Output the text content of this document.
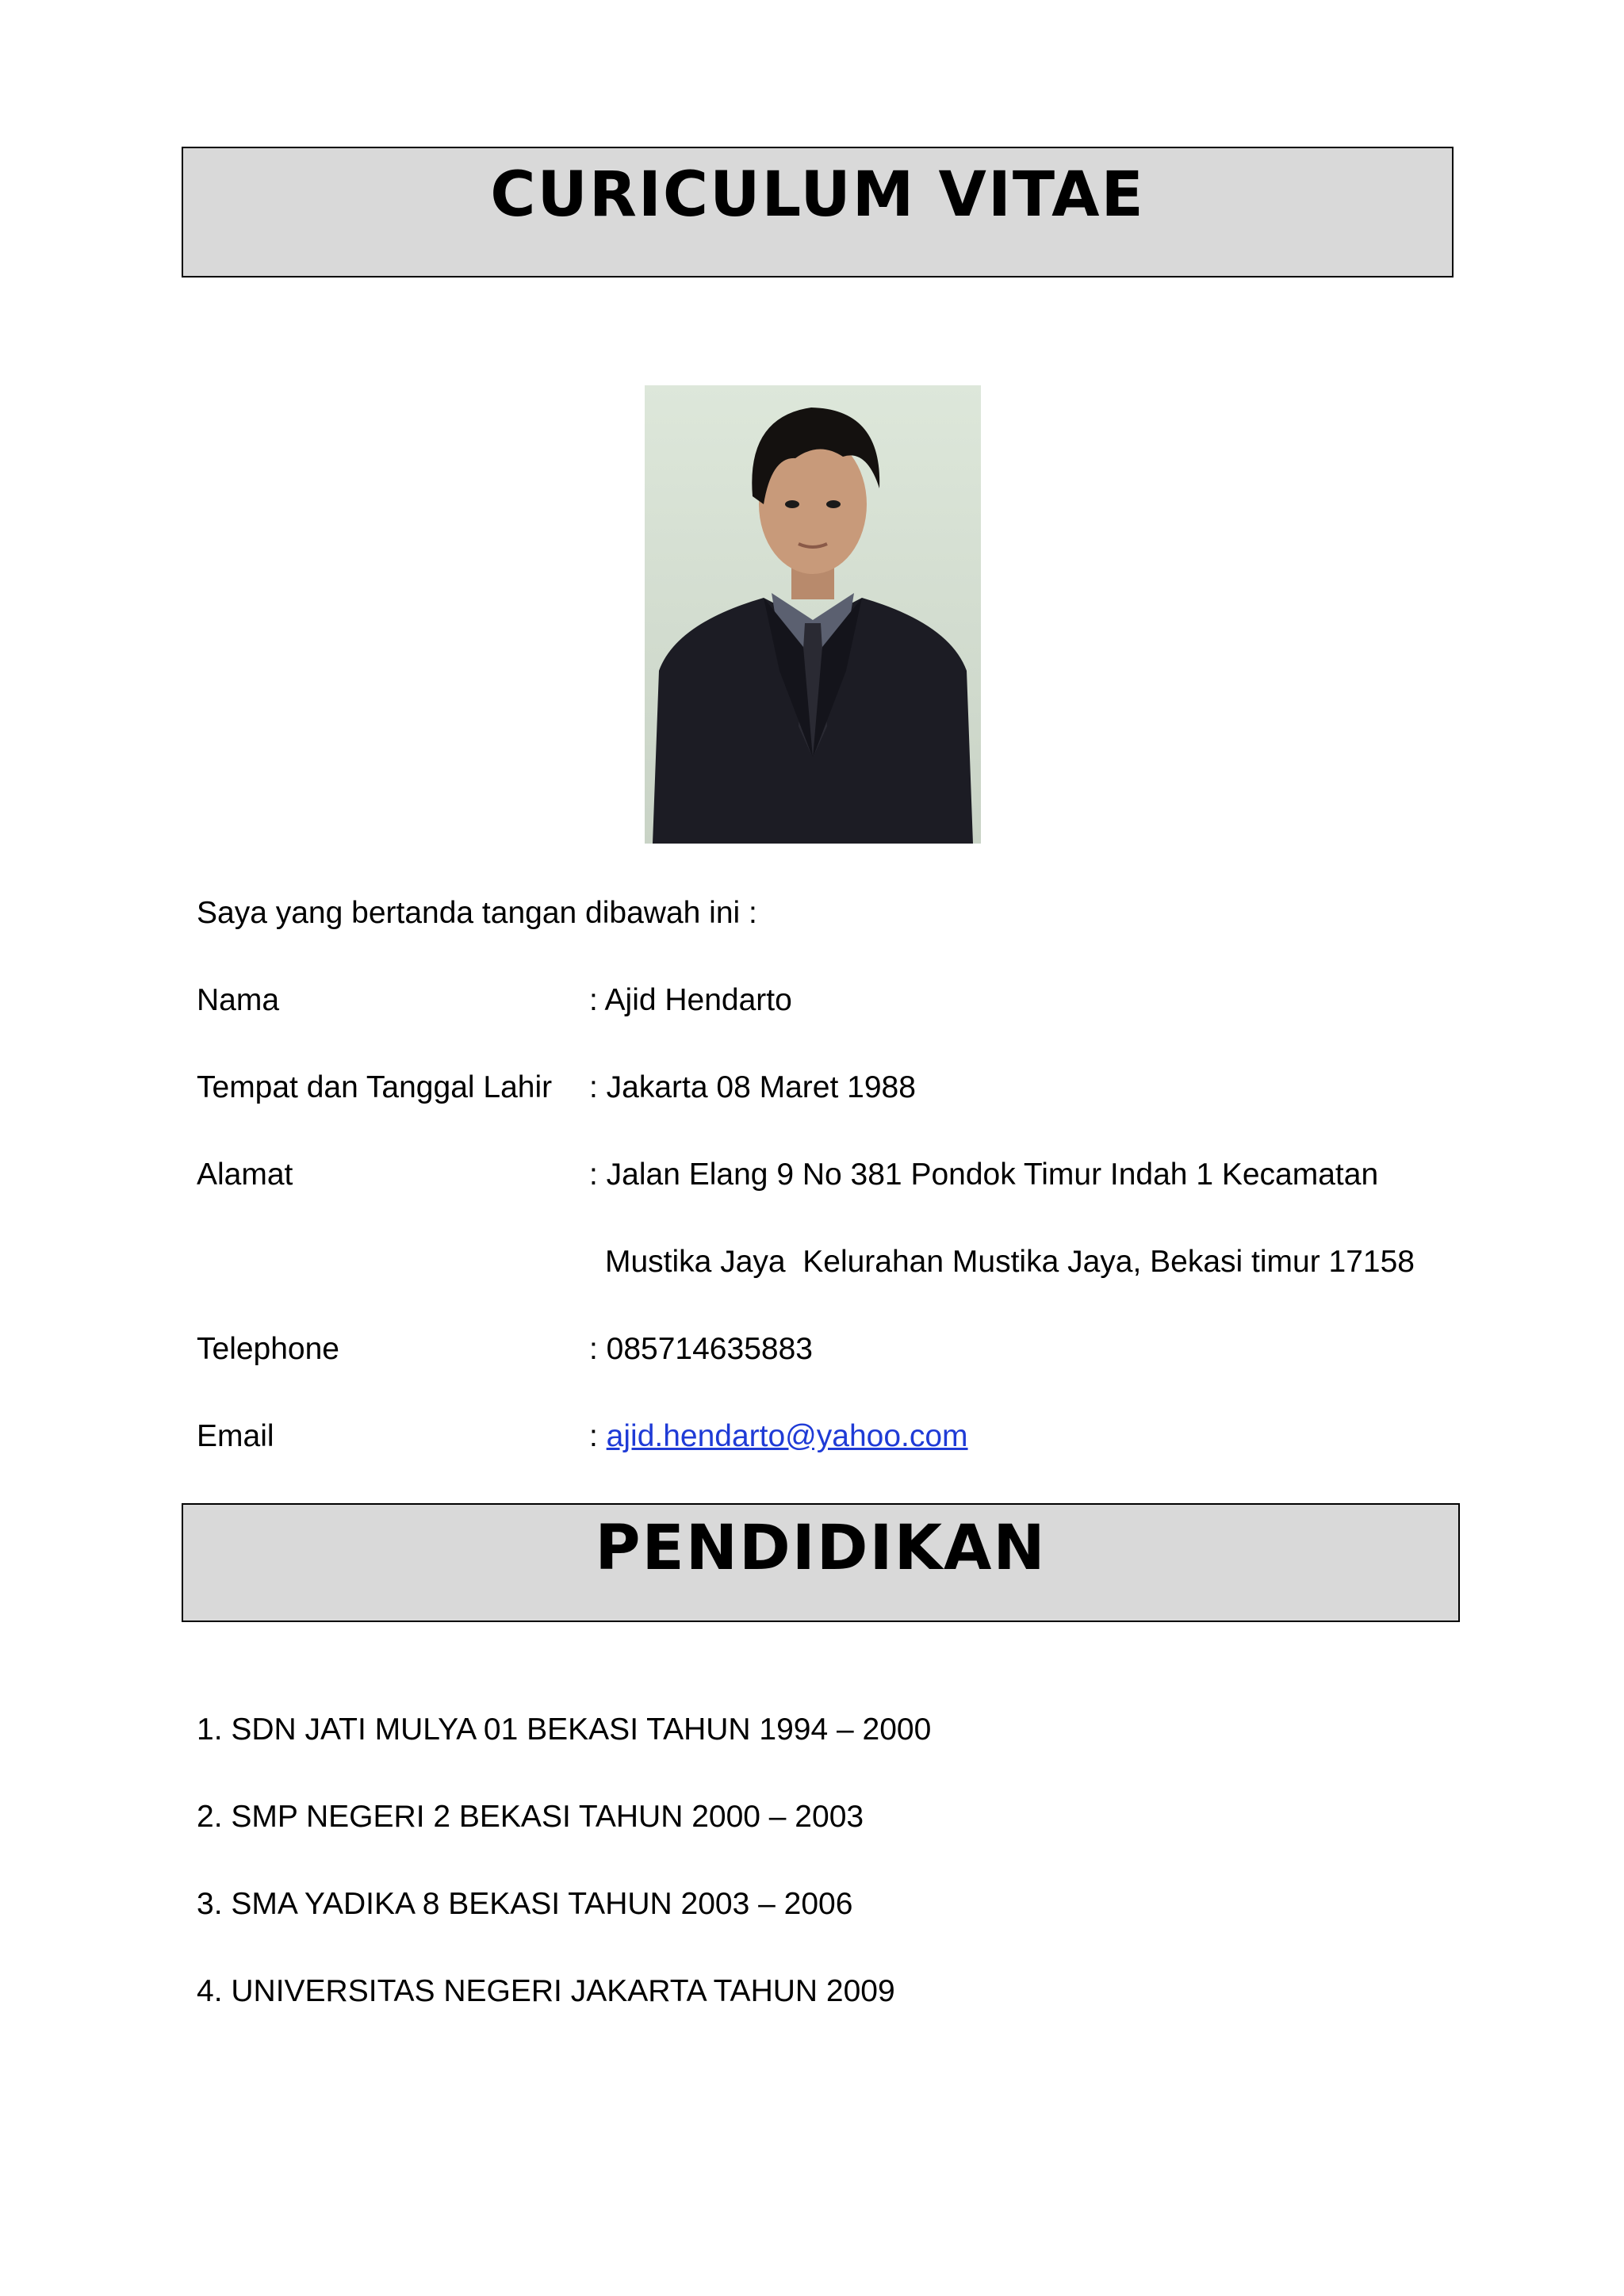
CURICULUM VITAE
Saya yang bertanda tangan dibawah ini :
Nama	: Ajid Hendarto
Tempat dan Tanggal Lahir : Jakarta 08 Maret 1988
Alamat	: Jalan Elang 9 No 381 Pondok Timur Indah 1 Kecamatan
Mustika Jaya  Kelurahan Mustika Jaya, Bekasi timur 17158
Telephone	: 085714635883
Email	: ajid.hendarto@yahoo.com
PENDIDIKAN
1. SDN JATI MULYA 01 BEKASI TAHUN 1994 – 2000
2. SMP NEGERI 2 BEKASI TAHUN 2000 – 2003
3. SMA YADIKA 8 BEKASI TAHUN 2003 – 2006
4. UNIVERSITAS NEGERI JAKARTA TAHUN 2009
